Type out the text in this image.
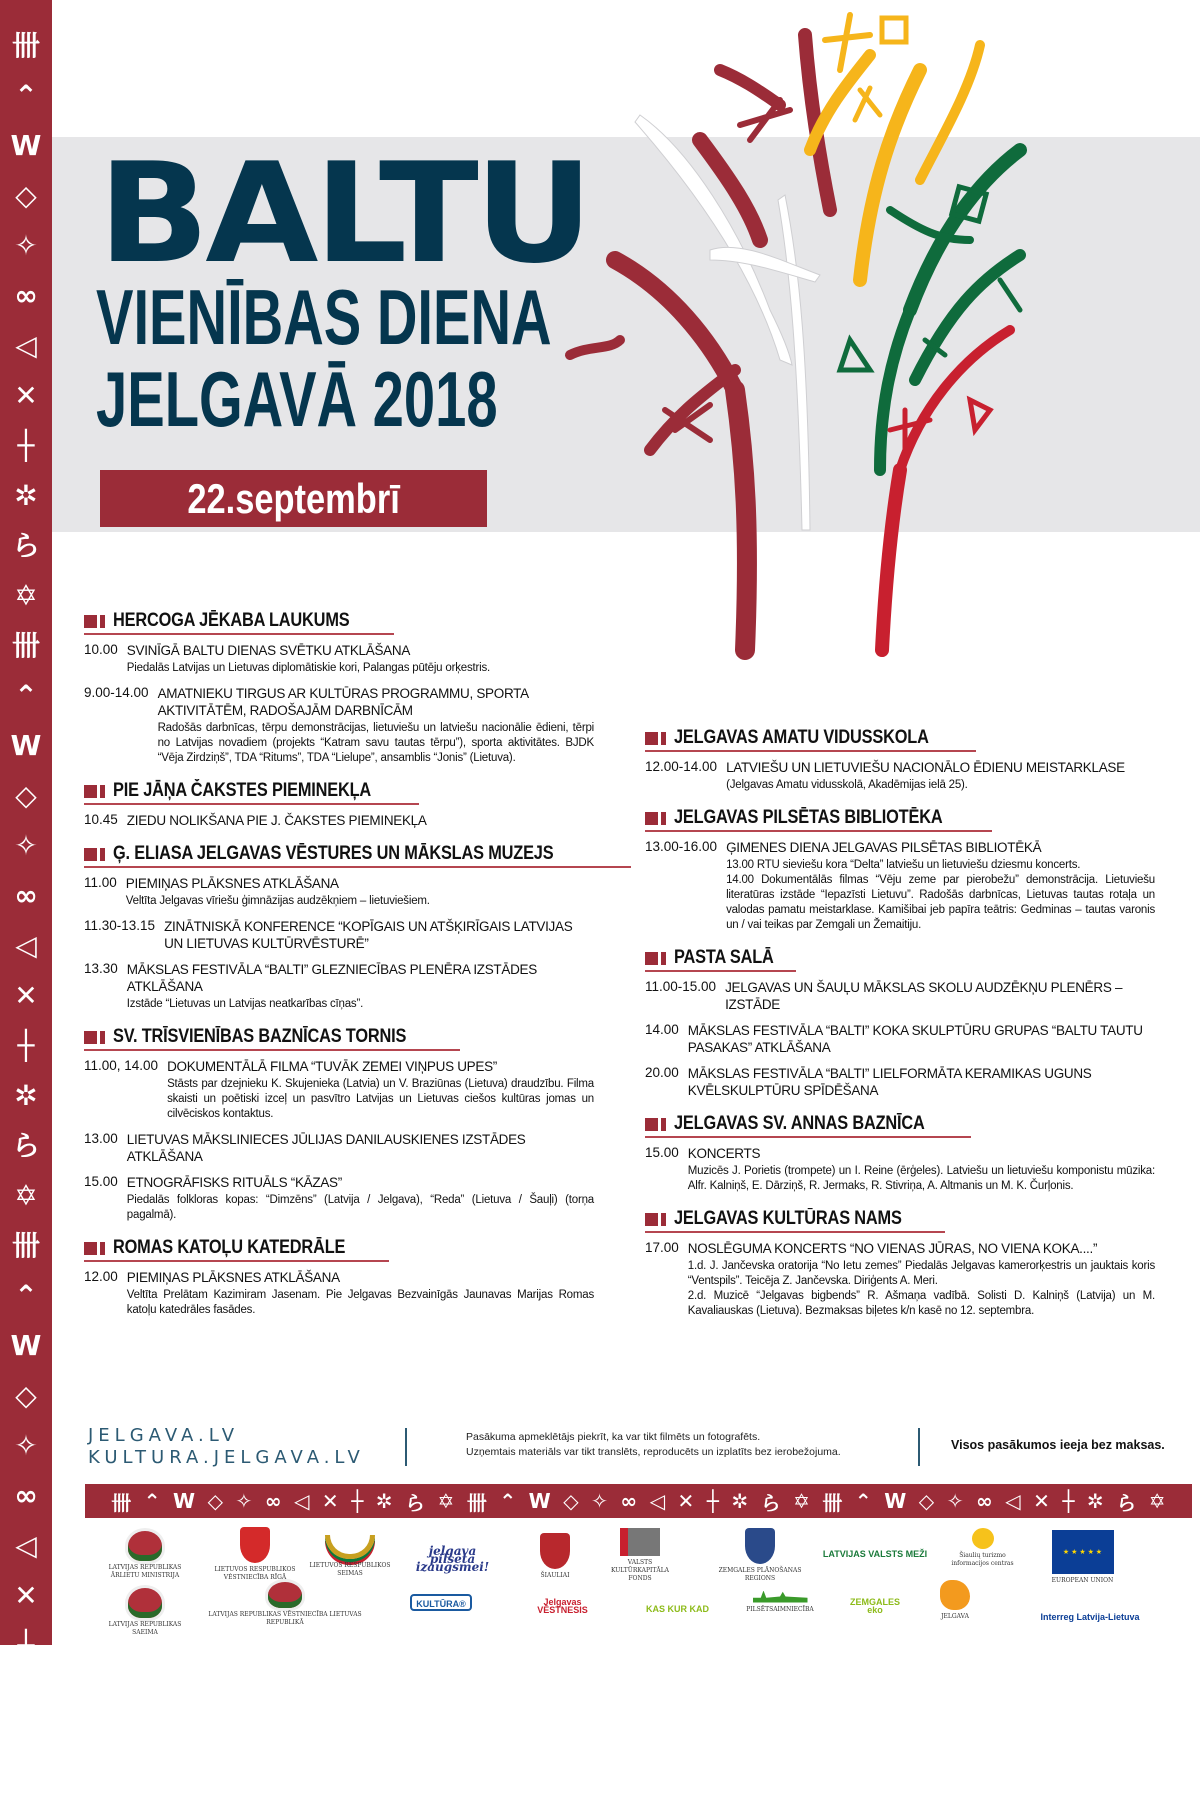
卌
⌃
W
◇
✧
∞
◁
✕
┼
✲
ら
✡
卌
⌃
W
◇
✧
∞
◁
✕
┼
✲
ら
✡
卌
⌃
W
◇
✧
∞
◁
✕
┼
✲
ら
✡
BALTU
VIENĪBAS DIENA
JELGAVĀ 2018
22.septembrī
HERCOGA JĒKABA LAUKUMS
10.00 SVINĪGĀ BALTU DIENAS SVĒTKU ATKLĀŠANA

Piedalās Latvijas un Lietuvas diplomātiskie kori, Palangas pūtēju orķestris.

9.00-14.00 AMATNIEKU TIRGUS AR KULTŪRAS PROGRAMMU, SPORTA AKTIVITĀTĒM, RADOŠAJĀM DARBNĪCĀM

Radošās darbnīcas, tērpu demonstrācijas, lietuviešu un latviešu nacionālie ēdieni, tērpi no Latvijas novadiem (projekts “Katram savu tautas tērpu”), sporta aktivitātes. BJDK “Vēja Zirdziņš”, TDA “Ritums”, TDA “Lielupe”, ansamblis “Jonis” (Lietuva).

PIE JĀŅA ČAKSTES PIEMINEKĻA
10.45 ZIEDU NOLIKŠANA PIE J. ČAKSTES PIEMINEKĻA
Ģ. ELIASA JELGAVAS VĒSTURES UN MĀKSLAS MUZEJS
11.00 PIEMIŅAS PLĀKSNES ATKLĀŠANA

Veltīta Jelgavas vīriešu ģimnāzijas audzēkņiem – lietuviešiem.

11.30-13.15 ZINĀTNISKĀ KONFERENCE “KOPĪGAIS UN ATŠĶIRĪGAIS LATVIJAS UN LIETUVAS KULTŪRVĒSTURĒ”
13.30 MĀKSLAS FESTIVĀLA “BALTI” GLEZNIECĪBAS PLENĒRA IZSTĀDES ATKLĀŠANA

Izstāde “Lietuvas un Latvijas neatkarības cīņas”.

SV. TRĪSVIENĪBAS BAZNĪCAS TORNIS
11.00, 14.00 DOKUMENTĀLĀ FILMA “TUVĀK ZEMEI VIŅPUS UPES”

Stāsts par dzejnieku K. Skujenieka (Latvia) un V. Braziūnas (Lietuva) draudzību. Filma skaisti un poētiski izceļ un pasvītro Latvijas un Lietuvas ciešos kultūras jomas un cilvēciskos kontaktus.

13.00 LIETUVAS MĀKSLINIECES JŪLIJAS DANILAUSKIENES IZSTĀDES ATKLĀŠANA
15.00 ETNOGRĀFISKS RITUĀLS “KĀZAS”

Piedalās folkloras kopas: “Dimzēns” (Latvija / Jelgava), “Reda” (Lietuva / Šauļi) (torņa pagalmā).

ROMAS KATOĻU KATEDRĀLE
12.00 PIEMIŅAS PLĀKSNES ATKLĀŠANA

Veltīta Prelātam Kazimiram Jasenam. Pie Jelgavas Bezvainīgās Jaunavas Marijas Romas katoļu katedrāles fasādes.

JELGAVAS AMATU VIDUSSKOLA
12.00-14.00 LATVIEŠU UN LIETUVIEŠU NACIONĀLO ĒDIENU MEISTARKLASE

(Jelgavas Amatu vidusskolā, Akadēmijas ielā 25).

JELGAVAS PILSĒTAS BIBLIOTĒKA
13.00-16.00 ĢIMENES DIENA JELGAVAS PILSĒTAS BIBLIOTĒKĀ

13.00 RTU sieviešu kora “Delta” latviešu un lietuviešu dziesmu koncerts.

14.00 Dokumentālās filmas “Vēju zeme par pierobežu” demonstrācija. Lietuviešu literatūras izstāde “Iepazīsti Lietuvu”. Radošās darbnīcas, Lietuvas tautas rotaļa un valodas pamatu meistarklase. Kamišibai jeb papīra teātris: Gedminas – tautas varonis un / vai teikas par Zemgali un Žemaitiju.

PASTA SALĀ
11.00-15.00 JELGAVAS UN ŠAUĻU MĀKSLAS SKOLU AUDZĒKŅU PLENĒRS – IZSTĀDE
14.00 MĀKSLAS FESTIVĀLA “BALTI” KOKA SKULPTŪRU GRUPAS “BALTU TAUTU PASAKAS” ATKLĀŠANA
20.00 MĀKSLAS FESTIVĀLA “BALTI” LIELFORMĀTA KERAMIKAS UGUNS KVĒLSKULPTŪRU SPĪDĒŠANA
JELGAVAS SV. ANNAS BAZNĪCA
15.00 KONCERTS

Muzicēs J. Porietis (trompete) un I. Reine (ērģeles). Latviešu un lietuviešu komponistu mūzika: Alfr. Kalniņš, E. Dārziņš, R. Jermaks, R. Stivriņa, A. Altmanis un M. K. Čurļonis.

JELGAVAS KULTŪRAS NAMS
17.00 NOSLĒGUMA KONCERTS “NO VIENAS JŪRAS, NO VIENA KOKA....”

1.d. J. Jančevska oratorija “No Ietu zemes” Piedalās Jelgavas kamerorķestris un jauktais koris “Ventspils”. Teicēja Z. Jančevska. Diriģents A. Meri.

2.d. Muzicē “Jelgavas bigbends” R. Ašmaņa vadībā. Solisti D. Kalniņš (Latvija) un M. Kavaliauskas (Lietuva). Bezmaksas biļetes k/n kasē no 12. septembra.

JELGAVA.LV
KULTURA.JELGAVA.LV
Pasākuma apmeklētājs piekrīt, ka var tikt filmēts un fotografēts.
Uzņemtais materiāls var tikt translēts, reproducēts un izplatīts bez ierobežojuma.	Visos pasākumos ieeja bez maksas.
卌 ⌃ W ◇ ✧ ∞ ◁ ✕ ┼ ✲ ら ✡ 卌 ⌃ W ◇ ✧ ∞ ◁ ✕ ┼ ✲ ら ✡ 卌 ⌃ W ◇ ✧ ∞ ◁ ✕ ┼ ✲ ら ✡
LATVIJAS REPUBLIKAS ĀRLIETU MINISTRIJA
LIETUVOS RESPUBLIKOS VĖSTNIECĪBA RĪGĀ
LIETUVOS RESPUBLIKOS SEIMAS
jelgava pilsēta izaugsmei!
ŠIAULIAI
VALSTS KULTŪRKAPITĀLA FONDS
ZEMGALES PLĀNOŠANAS REGIONS
LATVIJAS VALSTS MEŽI	Šiaulių turizmo informacijos centras
★ ★ ★ ★ ★
EUROPEAN UNION
LATVIJAS REPUBLIKAS SAEIMA
LATVIJAS REPUBLIKAS VĒSTNIECĪBA LIETUVAS REPUBLIKĀ
KULTŪRA®	Jelgavas VĒSTNESIS	KAS KUR KAD	PILSĒTSAIMNIECĪBA
ZEMGALES eko
JELGAVA	Interreg Latvija-Lietuva
